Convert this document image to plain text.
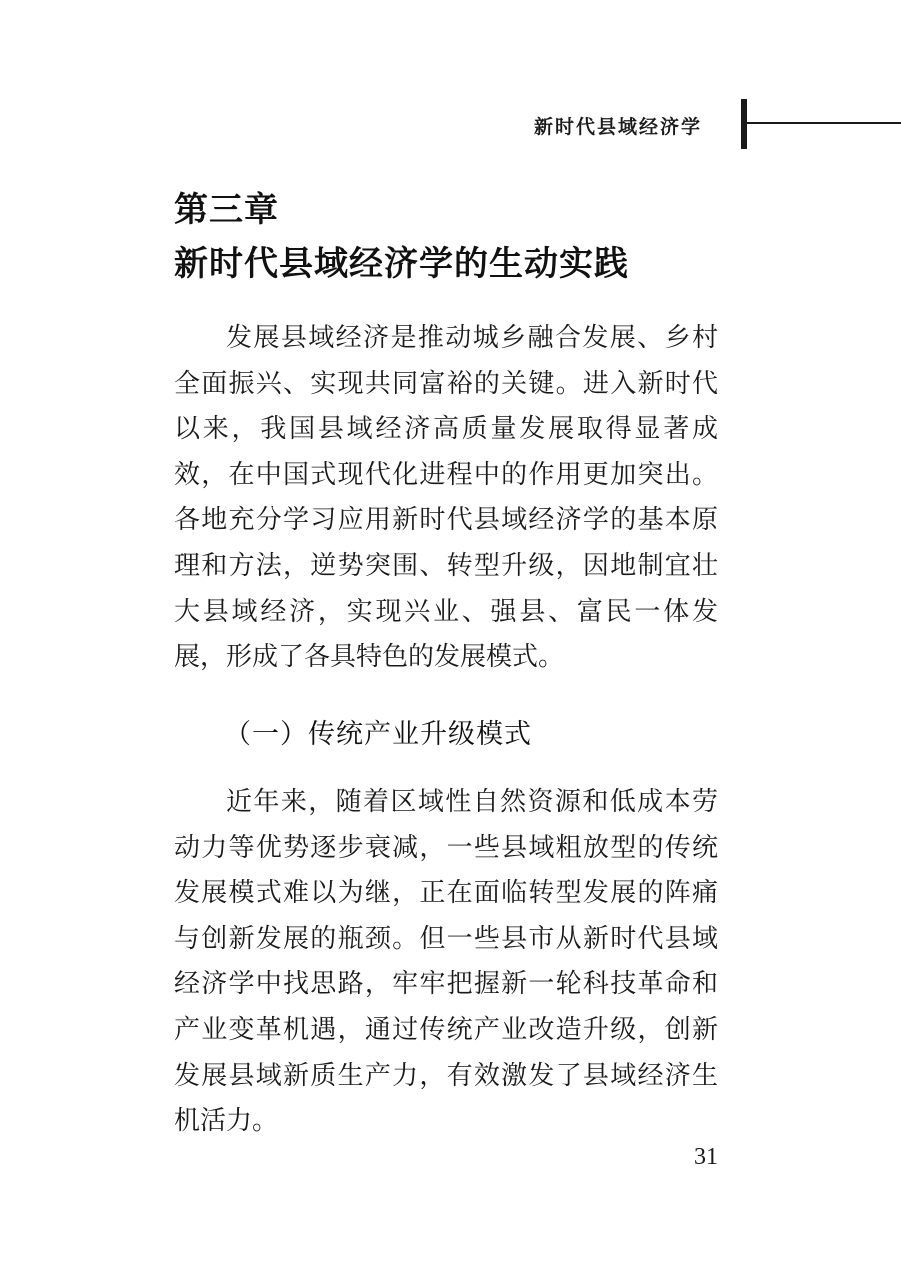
新时代县域经济学
第三章
新时代县域经济学的生动实践

发展县域经济是推动城乡融合发展、乡村全面振兴、实现共同富裕的关键。进入新时代以来，我国县域经济高质量发展取得显著成效，在中国式现代化进程中的作用更加突出。各地充分学习应用新时代县域经济学的基本原理和方法，逆势突围、转型升级，因地制宜壮大县域经济，实现兴业、强县、富民一体发展，形成了各具特色的发展模式。

（一）传统产业升级模式

近年来，随着区域性自然资源和低成本劳动力等优势逐步衰减，一些县域粗放型的传统发展模式难以为继，正在面临转型发展的阵痛与创新发展的瓶颈。但一些县市从新时代县域经济学中找思路，牢牢把握新一轮科技革命和产业变革机遇，通过传统产业改造升级，创新发展县域新质生产力，有效激发了县域经济生机活力。

31
